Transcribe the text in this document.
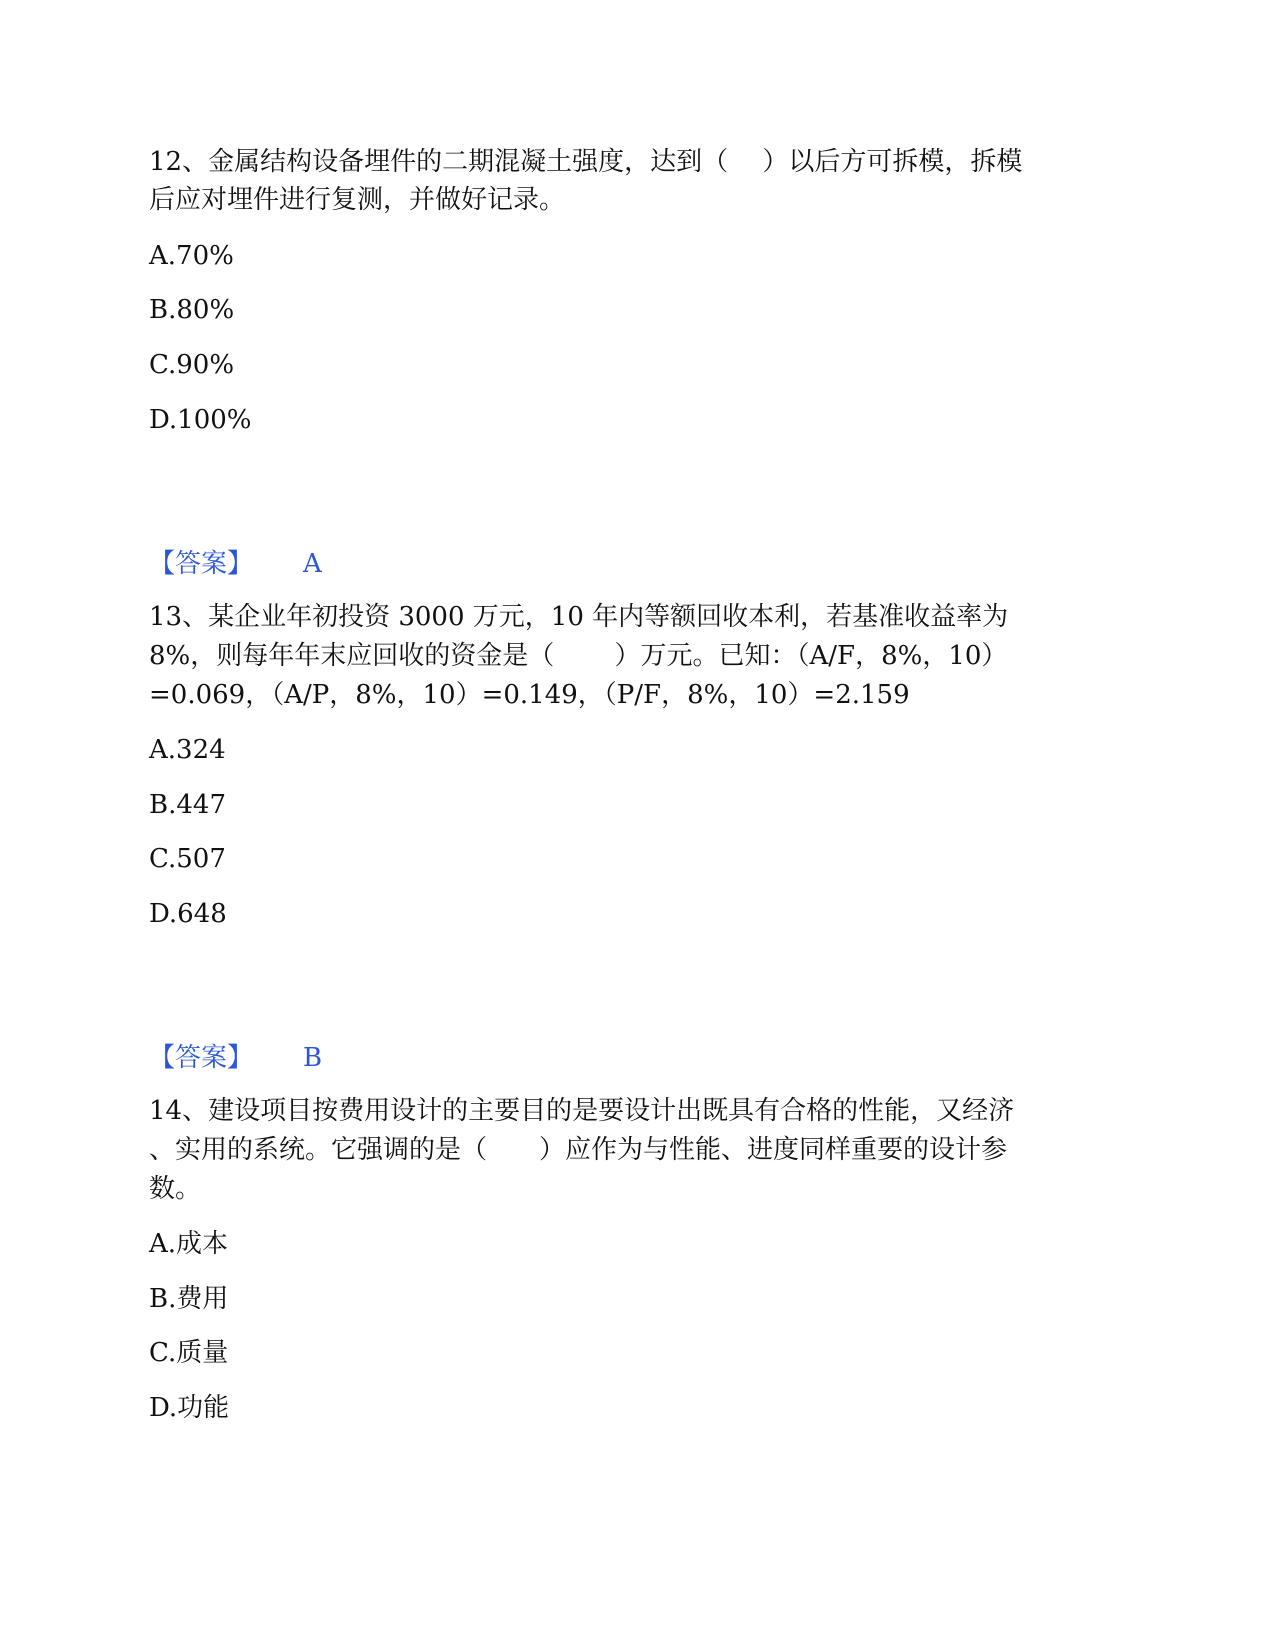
12、金属结构设备埋件的二期混凝土强度，达到（　 ）以后方可拆模，拆模
后应对埋件进行复测，并做好记录。
A.70%
B.80%
C.90%
D.100%
【答案】 A
13、某企业年初投资 3000 万元，10 年内等额回收本利，若基准收益率为
8%，则每年年末应回收的资金是（　　 ）万元。已知：（A/F，8%，10）
=0.069，（A/P，8%，10）=0.149，（P/F，8%，10）=2.159
A.324
B.447
C.507
D.648
【答案】 B
14、建设项目按费用设计的主要目的是要设计出既具有合格的性能，又经济
、实用的系统。它强调的是（　　）应作为与性能、进度同样重要的设计参
数。
A.成本
B.费用
C.质量
D.功能
